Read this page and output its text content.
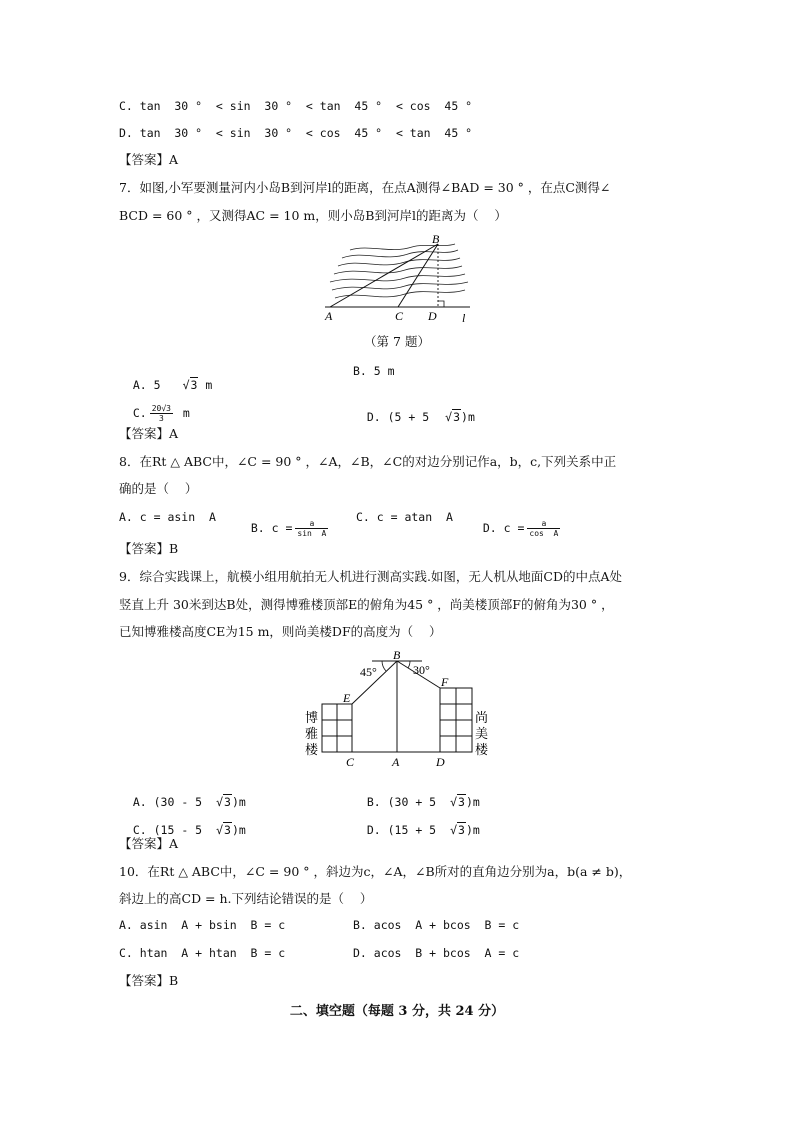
C. tan  30 °  < sin  30 °  < tan  45 °  < cos  45 °
D. tan  30 °  < sin  30 °  < cos  45 °  < tan  45 °
【答案】A
7．如图,小军要测量河内小岛B到河岸l的距离，在点A测得∠BAD = 30 ° ，在点C测得∠
BCD = 60 ° ，又测得AC = 10 m，则小岛B到河岸l的距离为（    ）
B
A	C D l
（第 7 题）

A. 5 √3 m

B. 5 m

C. $\frac{20√3}{3}$ m	D. (5 + 5 √3)m

【答案】A
8．在Rt △ ABC中，∠C = 90 ° ，∠A，∠B，∠C的对边分别记作a，b，c,下列关系中正
确的是（    ）
A. c = asin  A

B. $c = \frac{a}{\text{sin  A}}$

C. c = atan  A

D. $c = \frac{a}{\text{cos  A}}$

【答案】B
9．综合实践课上，航模小组用航拍无人机进行测高实践.如图，无人机从地面CD的中点A处
竖直上升 30米到达B处，测得博雅楼顶部E的俯角为45 ° ，尚美楼顶部F的俯角为30 ° ，
已知博雅楼高度CE为15 m，则尚美楼DF的高度为（    ）
B
45°	30°
E
F
C	A	D
博
雅
楼
尚
美
楼

A. (30 - 5 √3)m	B. (30 + 5 √3)m

C. (15 - 5 √3)m	D. (15 + 5 √3)m

【答案】A
10．在Rt △ ABC中，∠C = 90 ° ，斜边为c，∠A，∠B所对的直角边分别为a，b(a ≠ b)，
斜边上的高CD = h.下列结论错误的是（    ）
A. asin  A + bsin  B = c	B. acos  A + bcos  B = c
C. htan  A + htan  B = c	D. acos  B + bcos  A = c
【答案】B
二、填空题（每题 3 分，共 24 分）
